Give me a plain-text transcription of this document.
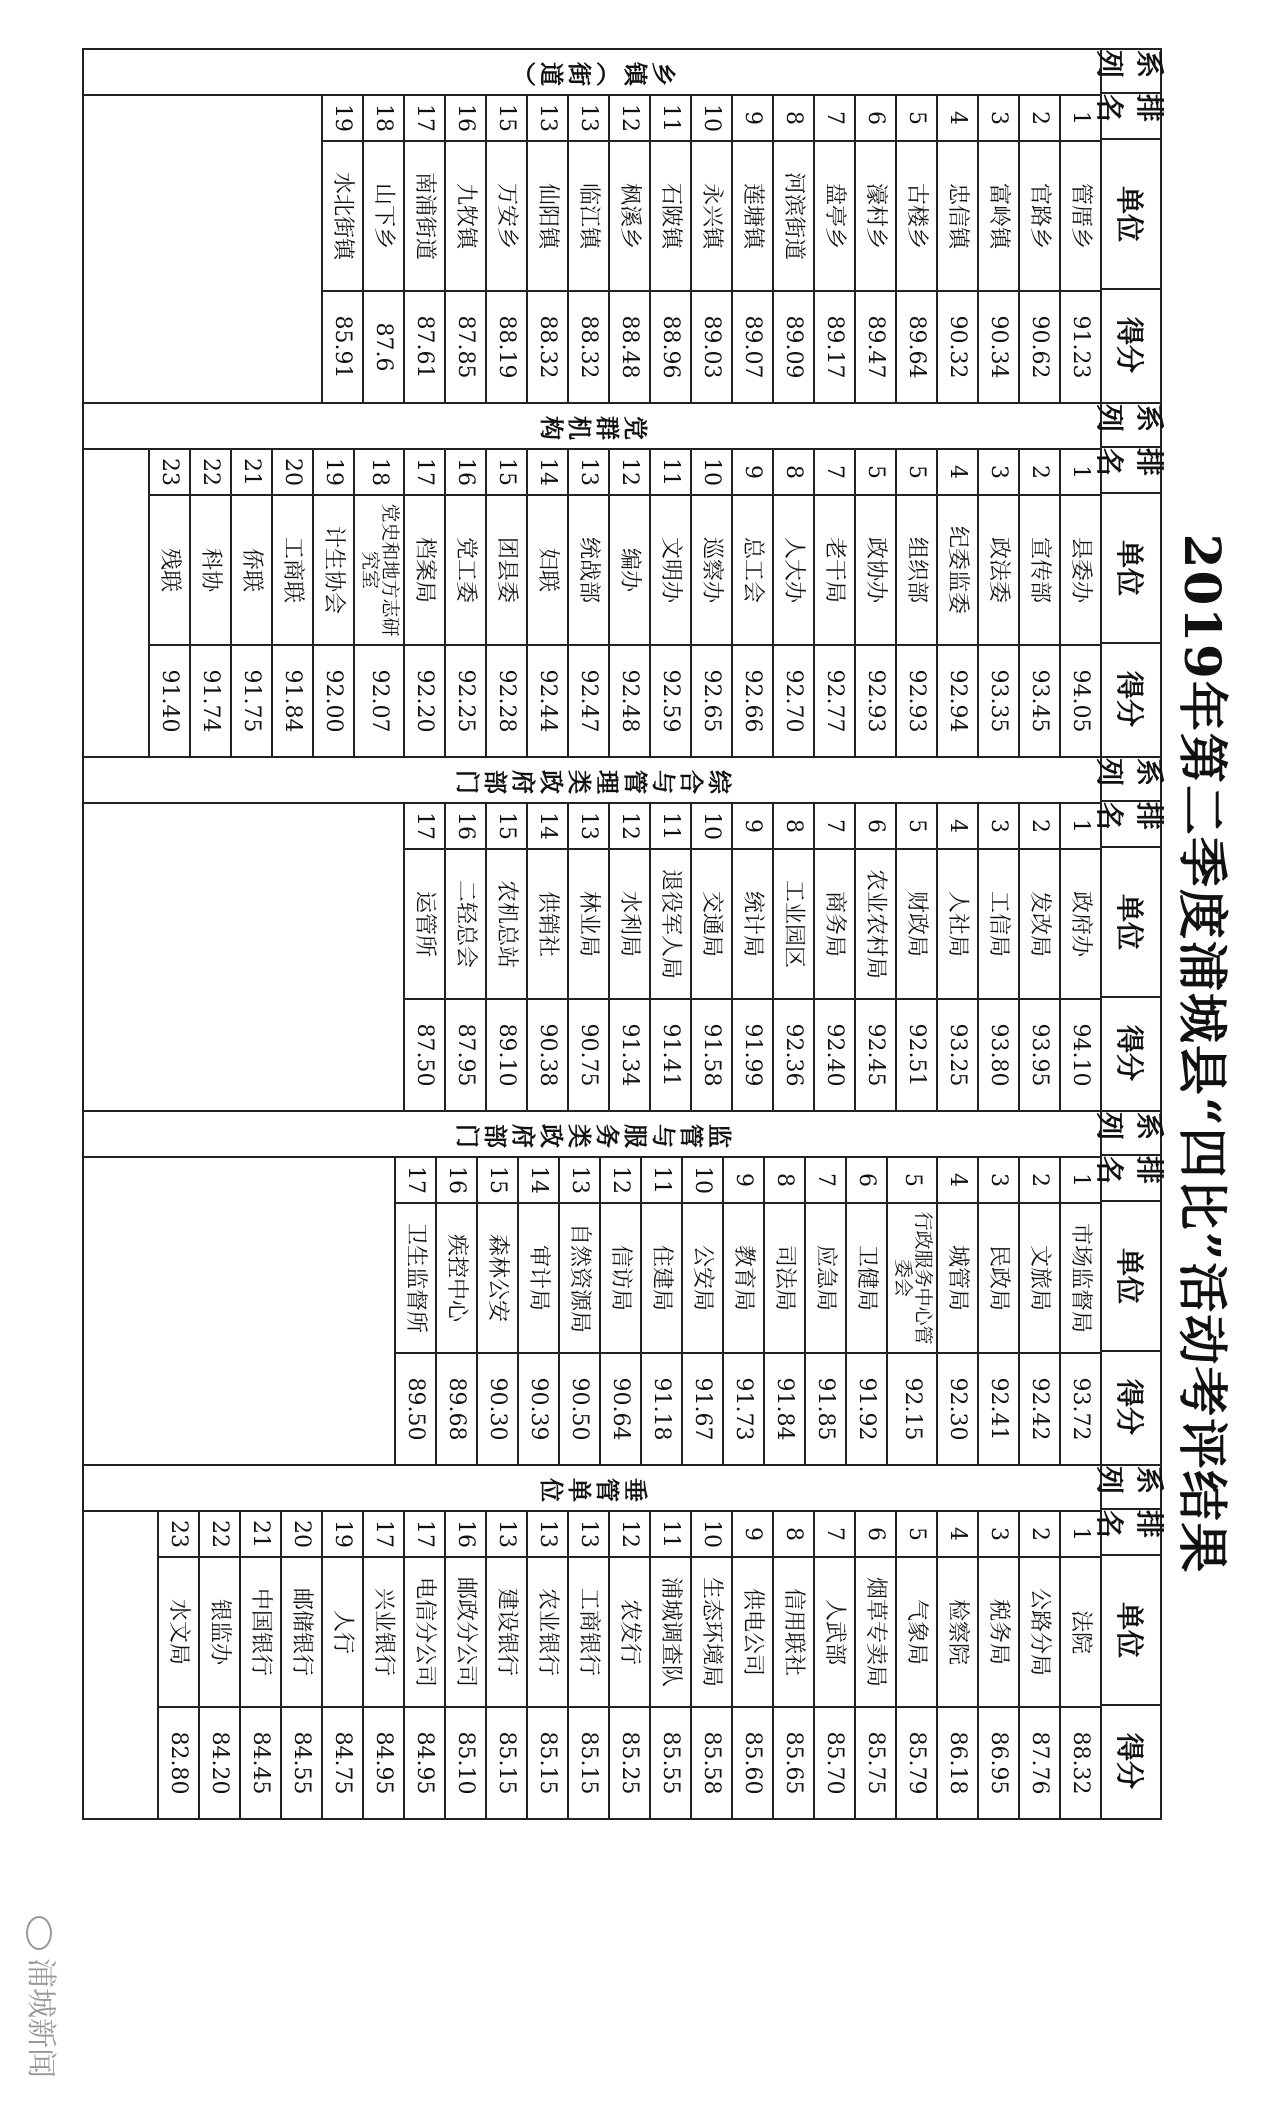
2019年第二季度浦城县“四比”活动考评结果
系列
排名
单位
得分
乡镇（街道）
1
管厝乡
91.23
2
官路乡
90.62
3
富岭镇
90.34
4
忠信镇
90.32
5
古楼乡
89.64
6
濠村乡
89.47
7
盘亭乡
89.17
8
河滨街道
89.09
9
莲塘镇
89.07
10
永兴镇
89.03
11
石陂镇
88.96
12
枫溪乡
88.48
13
临江镇
88.32
13
仙阳镇
88.32
15
万安乡
88.19
16
九牧镇
87.85
17
南浦街道
87.61
18
山下乡
87.6
19
水北街镇
85.91
系列
排名
单位
得分
党群机构
1
县委办
94.05
2
宣传部
93.45
3
政法委
93.35
4
纪委监委
92.94
5
组织部
92.93
5
政协办
92.93
7
老干局
92.77
8
人大办
92.70
9
总工会
92.66
10
巡察办
92.65
11
文明办
92.59
12
编办
92.48
13
统战部
92.47
14
妇联
92.44
15
团县委
92.28
16
党工委
92.25
17
档案局
92.20
18
党史和地方志研究室
92.07
19
计生协会
92.00
20
工商联
91.84
21
侨联
91.75
22
科协
91.74
23
残联
91.40
系列
排名
单位
得分
综合与管理类政府部门
1
政府办
94.10
2
发改局
93.95
3
工信局
93.80
4
人社局
93.25
5
财政局
92.51
6
农业农村局
92.45
7
商务局
92.40
8
工业园区
92.36
9
统计局
91.99
10
交通局
91.58
11
退役军人局
91.41
12
水利局
91.34
13
林业局
90.75
14
供销社
90.38
15
农机总站
89.10
16
二轻总会
87.95
17
运管所
87.50
系列
排名
单位
得分
监管与服务类政府部门
1
市场监督局
93.72
2
文旅局
92.42
3
民政局
92.41
4
城管局
92.30
5
行政服务中心管委会
92.15
6
卫健局
91.92
7
应急局
91.85
8
司法局
91.84
9
教育局
91.73
10
公安局
91.67
11
住建局
91.18
12
信访局
90.64
13
自然资源局
90.50
14
审计局
90.39
15
森林公安
90.30
16
疾控中心
89.68
17
卫生监督所
89.50
系列
排名
单位
得分
垂管单位
1
法院
88.32
2
公路分局
87.76
3
税务局
86.95
4
检察院
86.18
5
气象局
85.79
6
烟草专卖局
85.75
7
人武部
85.70
8
信用联社
85.65
9
供电公司
85.60
10
生态环境局
85.58
11
浦城调查队
85.55
12
农发行
85.25
13
工商银行
85.15
13
农业银行
85.15
13
建设银行
85.15
16
邮政分公司
85.10
17
电信分公司
84.95
17
兴业银行
84.95
19
人行
84.75
20
邮储银行
84.55
21
中国银行
84.45
22
银监办
84.20
23
水文局
82.80
浦城新闻
